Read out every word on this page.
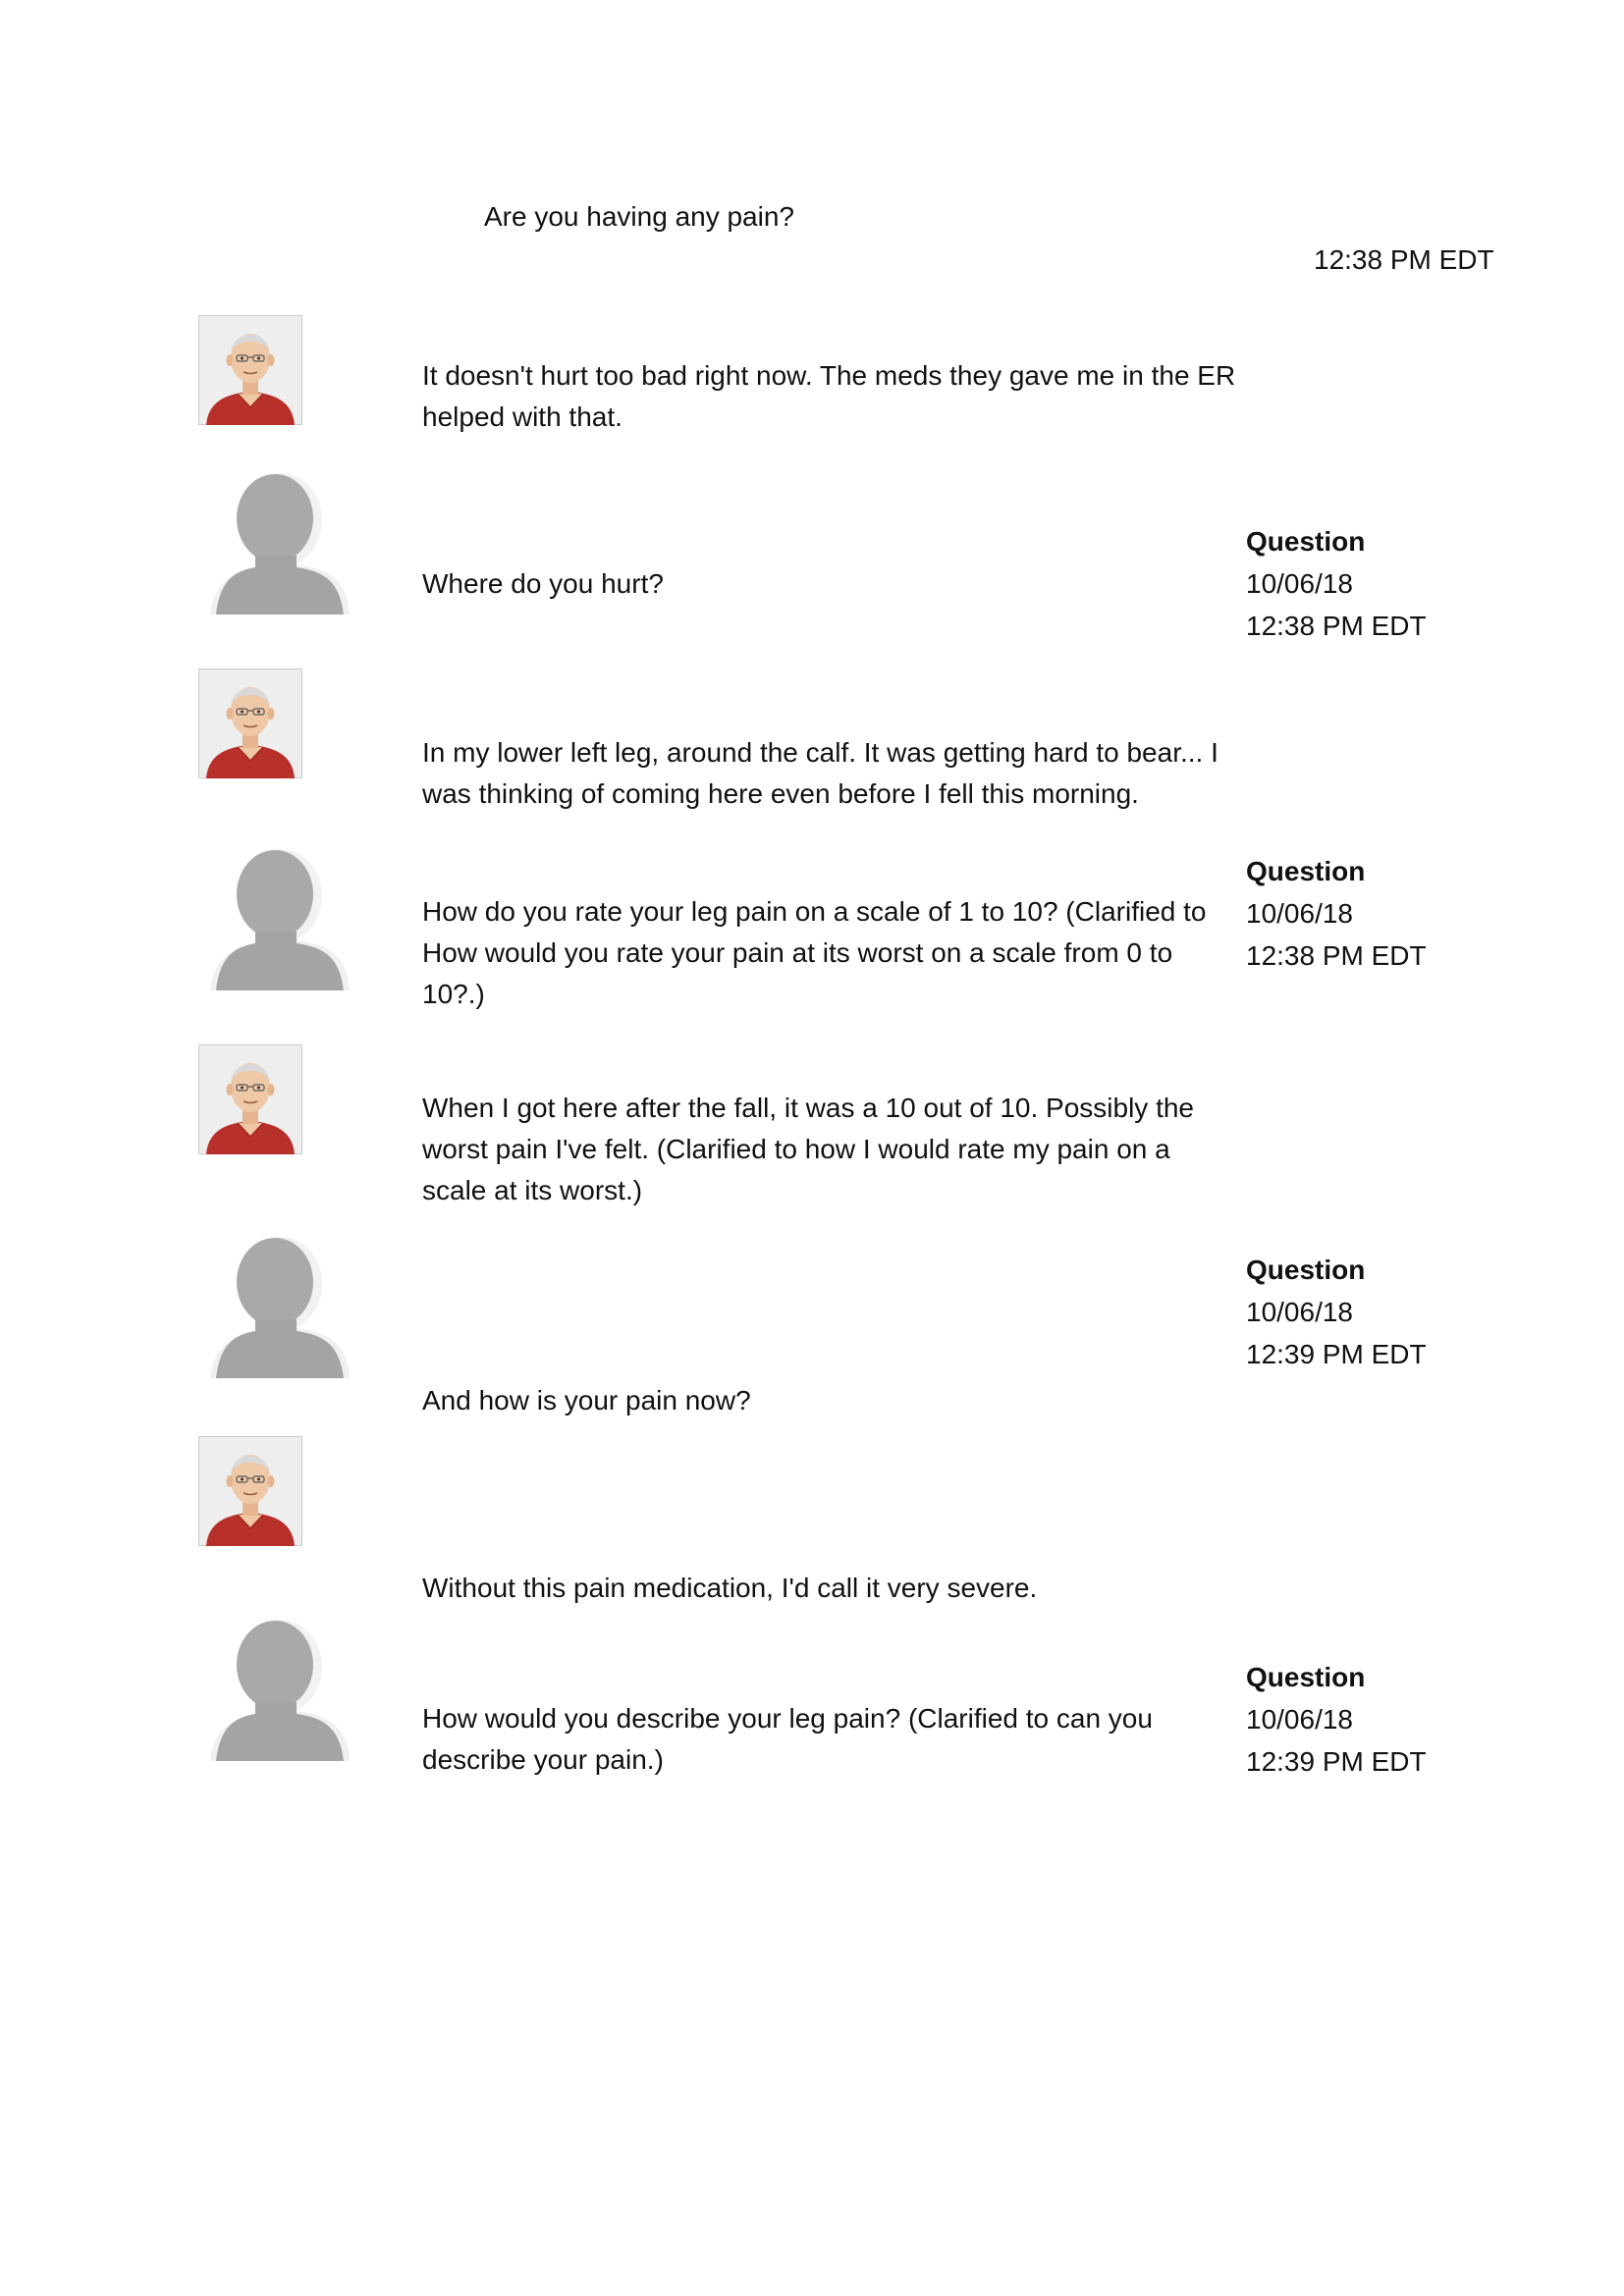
Are you having any pain?
12:38 PM EDT
It doesn't hurt too bad right now. The meds they gave me in the ER helped with that.
Where do you hurt?
Question
10/06/18
12:38 PM EDT
In my lower left leg, around the calf. It was getting hard to bear... I was thinking of coming here even before I fell this morning.
How do you rate your leg pain on a scale of 1 to 10? (Clarified to How would you rate your pain at its worst on a scale from 0 to 10?.)
Question
10/06/18
12:38 PM EDT
When I got here after the fall, it was a 10 out of 10. Possibly the worst pain I've felt. (Clarified to how I would rate my pain on a scale at its worst.)
Question
10/06/18
12:39 PM EDT
And how is your pain now?
Without this pain medication, I'd call it very severe.
How would you describe your leg pain? (Clarified to can you describe your pain.)
Question
10/06/18
12:39 PM EDT
